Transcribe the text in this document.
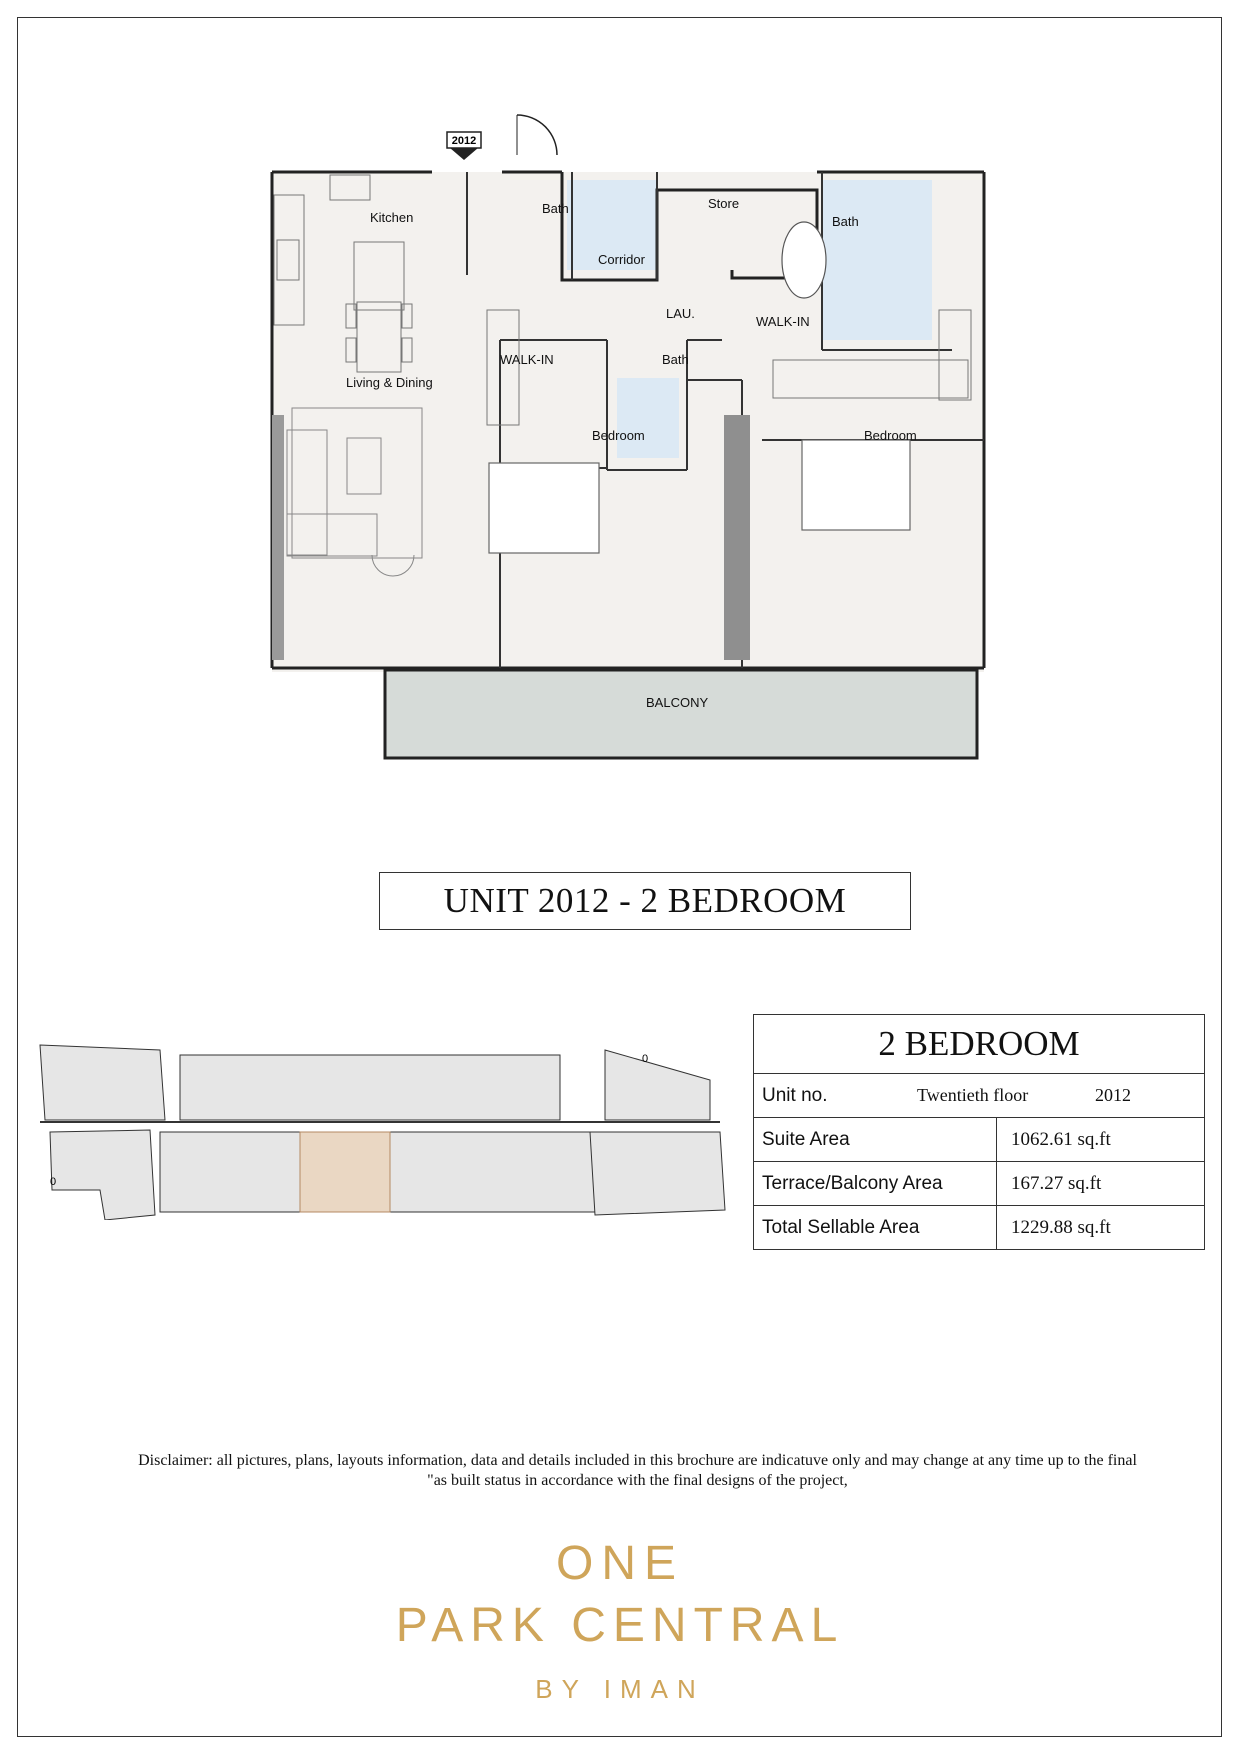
2012
Kitchen
Bath	Store
Bath
Corridor
Living & Dining
LAU.
WALK-IN
WALK-IN	Bath
Bedroom	Bedroom
BALCONY
UNIT 2012 - 2 BEDROOM
0
0
2 BEDROOM	

Unit no. Twentieth floor 2012	

Suite Area	1062.61 sq.ft
Terrace/Balcony Area	167.27 sq.ft
Total Sellable Area	1229.88 sq.ft
Disclaimer: all pictures, plans, layouts information, data and details included in this brochure are indicatuve only and may change at any time up to the final
"as built status in accordance with the final designs of the project,
ONE
PARK CENTRAL
BY IMAN
